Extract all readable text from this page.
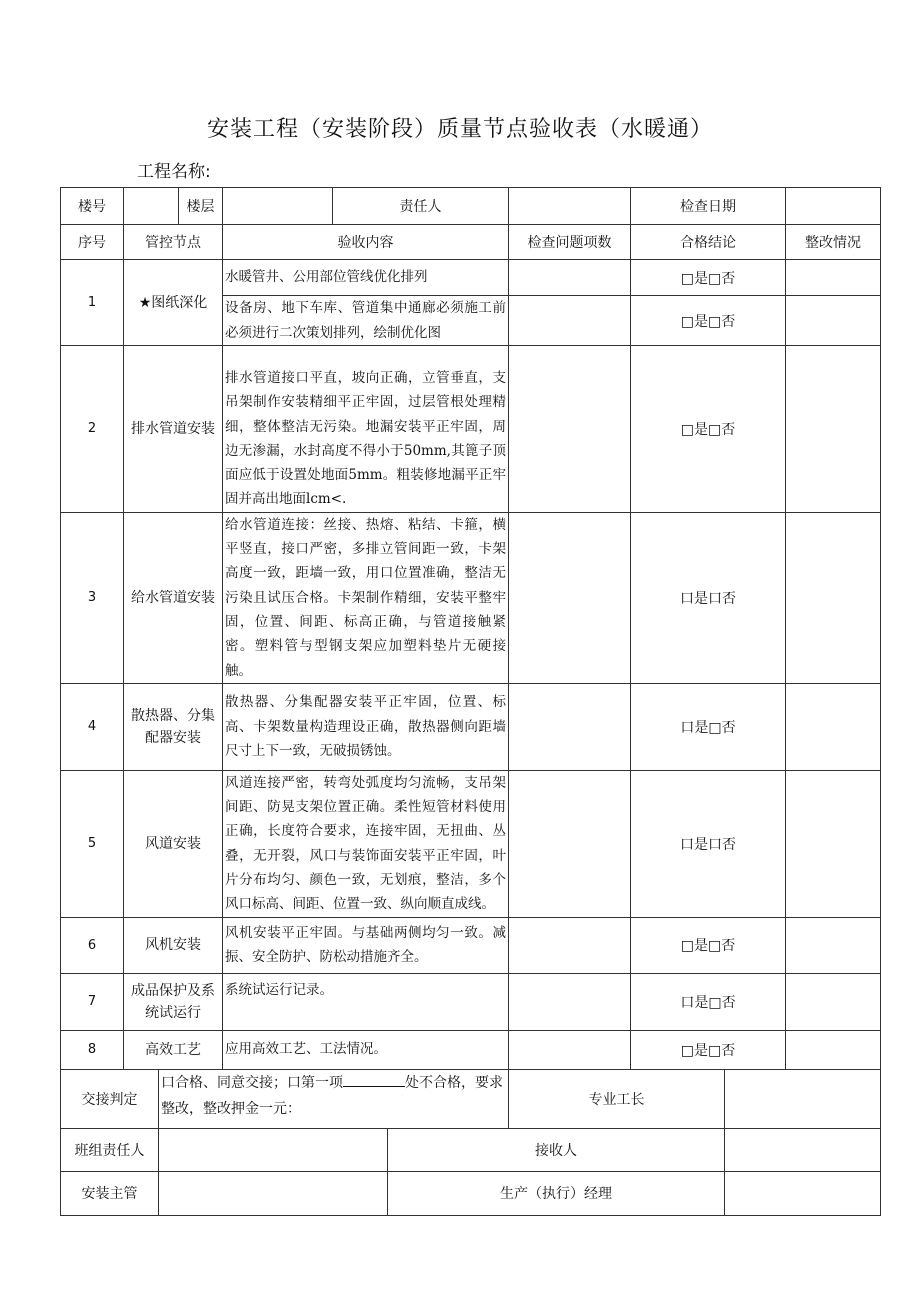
安装工程（安装阶段）质量节点验收表（水暖通）
工程名称:
楼号			楼层		责任人			检查日期		
序号	管控节点			验收内容			检查问题项数	合格结论		整改情况
1	★图纸深化			水暖管井、公用部位管线优化排列				□是□否		
				设备房、地下车库、管道集中通廊必须施工前必须进行二次策划排列，绘制优化图				□是□否		
2	排水管道安装			排水管道接口平直，坡向正确，立管垂直，支吊架制作安装精细平正牢固，过层管根处理精细，整体整洁无污染。地漏安装平正牢固，周边无渗漏，水封高度不得小于50mm,其篦子顶面应低于设置处地面5mm。粗装修地漏平正牢固并高出地面lcm<.				□是□否		
3	给水管道安装			给水管道连接：丝接、热熔、粘结、卡箍，横平竖直，接口严密，多排立管间距一致，卡架高度一致，距墙一致，用口位置准确，整洁无污染且试压合格。卡架制作精细，安装平整牢固，位置、间距、标高正确，与管道接触紧密。塑料管与型钢支架应加塑料垫片无硬接触。				口是口否		
4	散热器、分集配器安装			散热器、分集配器安装平正牢固，位置、标高、卡架数量构造理设正确，散热器侧向距墙尺寸上下一致，无破损锈蚀。				口是□否		
5	风道安装			风道连接严密，转弯处弧度均匀流畅，支吊架间距、防晃支架位置正确。柔性短管材料使用正确，长度符合要求，连接牢固，无扭曲、丛叠，无开裂，风口与装饰面安装平正牢固，叶片分布均匀、颜色一致，无划痕，整洁，多个风口标高、间距、位置一致、纵向顺直成线。				口是口否		
6	风机安装			风机安装平正牢固。与基础两侧均匀一致。减振、安全防护、防松动措施齐全。				□是□否		
7	成品保护及系统试运行			系统试运行记录。				口是□否		
8	高效工艺			应用高效工艺、工法情况。				□是□否		
交接判定		口合格、同意交接；口第一项 处不合格，要求整改，整改押金一元：					专业工长			
班组责任人						接收人				
安装主管						生产（执行）经理				
